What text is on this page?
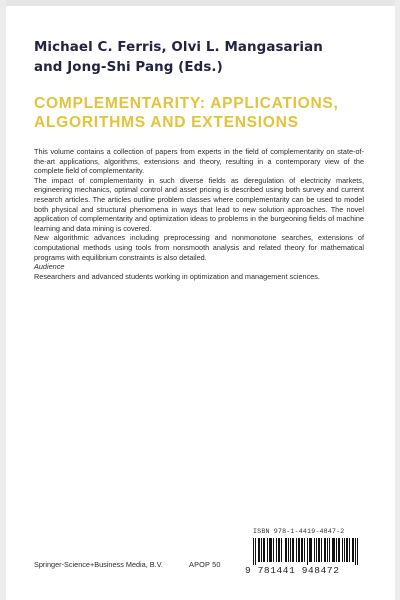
Michael C. Ferris, Olvi L. Mangasarian
and Jong-Shi Pang (Eds.)
COMPLEMENTARITY: APPLICATIONS,
ALGORITHMS AND EXTENSIONS

This volume contains a collection of papers from experts in the field of complementarity on state-of-the-art applications, algorithms, extensions and theory, resulting in a contemporary view of the complete field of complementarity.

The impact of complementarity in such diverse fields as deregulation of electricity markets, engineering mechanics, optimal control and asset pricing is described using both survey and current research articles. The articles outline problem classes where complementarity can be used to model both physical and structural phenomena in ways that lead to new solution approaches. The novel application of complementarity and optimization ideas to problems in the burgeoning fields of machine learning and data mining is covered.

New algorithmic advances including preprocessing and nonmonotone searches, extensions of computational methods using tools from nonsmooth analysis and related theory for mathematical programs with equilibrium constraints is also detailed.

Audience

Researchers and advanced students working in optimization and management sciences.

ISBN 978-1-4419-4847-2
9 781441 948472
Springer-Science+Business Media, B.V.	APOP 50
